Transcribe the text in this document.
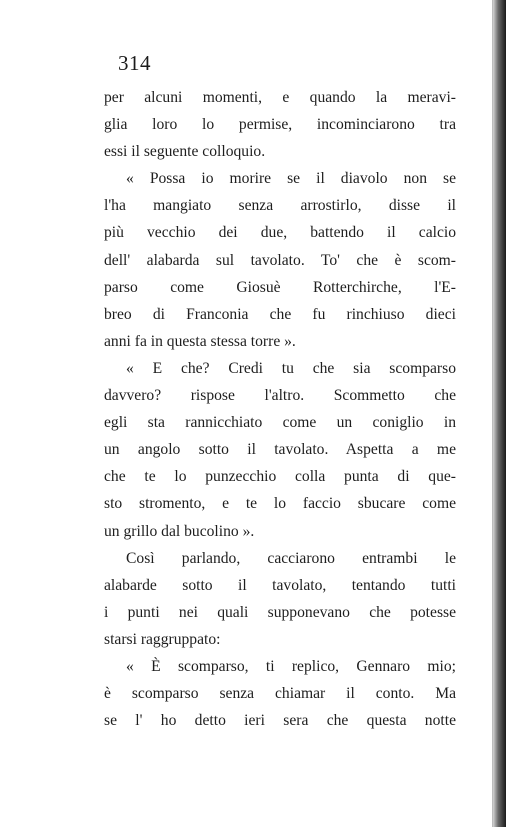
314
per alcuni momenti, e quando la meravi-
glia loro lo permise, incominciarono tra
essi il seguente colloquio.
« Possa io morire se il diavolo non se
l'ha mangiato senza arrostirlo, disse il
più vecchio dei due, battendo il calcio
dell' alabarda sul tavolato. To' che è scom-
parso come Giosuè Rotterchirche, l'E-
breo di Franconia che fu rinchiuso dieci
anni fa in questa stessa torre ».
« E che? Credi tu che sia scomparso
davvero? rispose l'altro. Scommetto che
egli sta rannicchiato come un coniglio in
un angolo sotto il tavolato. Aspetta a me
che te lo punzecchio colla punta di que-
sto stromento, e te lo faccio sbucare come
un grillo dal bucolino ».
Così parlando, cacciarono entrambi le
alabarde sotto il tavolato, tentando tutti
i punti nei quali supponevano che potesse
starsi raggruppato:
« È scomparso, ti replico, Gennaro mio;
è scomparso senza chiamar il conto. Ma
se l' ho detto ieri sera che questa notte
